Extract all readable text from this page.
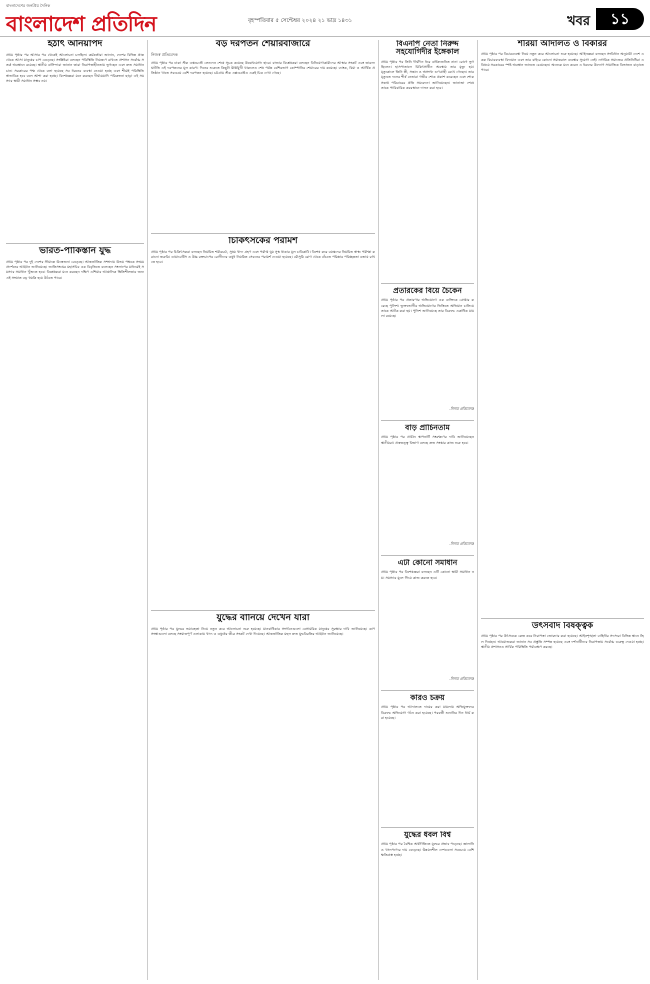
বাংলাদেশের জনপ্রিয় দৈনিক
বাংলাদেশ প্রতিদিন	বৃহস্পতিবার ৫ সেপ্টেম্বর ২০২৪ ২১ ভাদ্র ১৪৩১	খবর	১১
হঠাৎ অনিয়াপদ
প্রথম পৃষ্ঠার পর আসার পর থেকেই আলোচনা চলছিল। কর্মকর্তারা জানান, দেশের বিভিন্ন প্রান্ত থেকে আসা মানুষের চাপ বেড়েছে। সংশ্লিষ্টরা বলছেন পরিস্থিতি নিয়ন্ত্রণে রাখতে প্রশাসন সর্বোচ্চ সতর্ক অবস্থানে রয়েছে। স্থানীয় বাসিন্দারা জানান তারা নিরাপত্তাহীনতায় ভুগছেন এবং দ্রুত সমাধান চান। সরকারের পক্ষ থেকে বলা হয়েছে সব ধরনের ব্যবস্থা নেওয়া হচ্ছে এবং শীঘ্রই পরিস্থিতি স্বাভাবিক হবে বলে আশা করা হচ্ছে। বিশেষজ্ঞরা মনে করছেন দীর্ঘমেয়াদি পরিকল্পনা ছাড়া এই সমস্যার স্থায়ী সমাধান সম্ভব নয়।
ভারত-পাকিস্তান যুদ্ধ
প্রথম পৃষ্ঠার পর দুই দেশের সীমান্তে উত্তেজনা বেড়েছে। আন্তর্জাতিক সম্প্রদায় উভয় পক্ষকে সংযম প্রদর্শনের আহ্বান জানিয়েছে। জাতিসংঘের মহাসচিব এক বিবৃতিতে বলেছেন সংলাপের মাধ্যমেই সমস্যার সমাধান খুঁজতে হবে। বিশ্লেষকরা মনে করছেন দক্ষিণ এশিয়ার আঞ্চলিক স্থিতিশীলতার জন্য এই সংঘাত বড় হুমকি হয়ে উঠতে পারে।
বড় দরপতন শেয়ারবাজারে
নিজস্ব প্রতিবেদক
প্রথম পৃষ্ঠার পর ঢাকা স্টক এক্সচেঞ্জে লেনদেন শেষে সূচক কমেছে উল্লেখযোগ্য হারে। বাজার বিশ্লেষকরা বলছেন বিনিয়োগকারীদের আস্থার সংকট এবং তারল্য ঘাটতি এই দরপতনের মূল কারণ। দিনের শুরুতে কিছুটা ঊর্ধ্বমুখী থাকলেও শেষ পর্যন্ত বেশিরভাগ কোম্পানির শেয়ারের দাম কমেছে। ব্যাংক, বিমা ও আর্থিক প্রতিষ্ঠান খাতে সবচেয়ে বেশি দরপতন হয়েছে। চট্টগ্রাম স্টক এক্সচেঞ্জেও একই চিত্র দেখা গেছে।
চিকিৎসকের পরামর্শ
প্রথম পৃষ্ঠার পর চিকিৎসকরা বলছেন নিয়মিত শরীরচর্চা, সুষম খাদ্য গ্রহণ এবং পর্যাপ্ত ঘুম সুস্থ থাকার মূল চাবিকাঠি। বিশেষ করে বয়স্কদের নিয়মিত স্বাস্থ্য পরীক্ষা করানো জরুরি। ডায়াবেটিস ও উচ্চ রক্তচাপের রোগীদের ওষুধ নিয়মিত সেবনের পরামর্শ দেওয়া হয়েছে। মৌসুমি রোগ থেকে বাঁচতে পরিষ্কার পরিচ্ছন্নতা বজায় রাখতে হবে।
যুদ্ধের বানিয়ে দেখেন যারা
প্রথম পৃষ্ঠার পর যুদ্ধের ভয়াবহতা নিয়ে নতুন করে আলোচনা শুরু হয়েছে। মানবাধিকার সংগঠনগুলো বেসামরিক মানুষের সুরক্ষার দাবি জানিয়েছে। ত্রাণ সংস্থাগুলো বলছে সংঘাতপূর্ণ এলাকায় খাদ্য ও ওষুধের তীব্র সংকট দেখা দিয়েছে। আন্তর্জাতিক মহল দ্রুত যুদ্ধবিরতির আহ্বান জানিয়েছে।
বিএনপি নেতা নিরুদ্দ সহযোগিদীর ইঙ্গেকাল
প্রথম পৃষ্ঠার পর তিনি দীর্ঘদিন ধরে বার্ধক্যজনিত নানা রোগে ভুগছিলেন। হাসপাতালে চিকিৎসাধীন অবস্থায় তার মৃত্যু হয়। মৃত্যুকালে তিনি স্ত্রী, সন্তান ও অসংখ্য গুণগ্রাহী রেখে গেছেন। তার মৃত্যুতে দলের শীর্ষ নেতারা গভীর শোক প্রকাশ করেছেন এবং শোকসন্তপ্ত পরিবারের প্রতি সমবেদনা জানিয়েছেন। জানাজা শেষে তাকে পারিবারিক কবরস্থানে দাফন করা হবে।
প্রতারকের বিয়ে চৈকেন
প্রথম পৃষ্ঠার পর প্রতারণার অভিযোগে এক ব্যক্তিকে গ্রেপ্তার করেছে পুলিশ। ভুক্তভোগীর অভিযোগের ভিত্তিতে অভিযান চালিয়ে তাকে আটক করা হয়। পুলিশ জানিয়েছে তার বিরুদ্ধে একাধিক মামলা রয়েছে।
-দিনার প্রতিবেদক
বাড় প্রাচিনতাম
প্রথম পৃষ্ঠার পর প্রাচীন স্থাপনাটি সংরক্ষণের দাবি জানিয়েছেন স্থানীয়রা। প্রত্নতত্ত্ব বিভাগ বলছে দ্রুত সংস্কার কাজ শুরু হবে।
-দিনার প্রতিবেদক
এটা কোনো সমাধান
প্রথম পৃষ্ঠার পর বিশেষজ্ঞরা বলছেন এটি কোনো স্থায়ী সমাধান নয়। সমস্যার মূলে গিয়ে কাজ করতে হবে।
-দিনার প্রতিবেদক
কারও চক্রয়
প্রথম পৃষ্ঠার পর আদালতে দায়ের করা মামলায় অভিযুক্তদের বিরুদ্ধে অভিযোগ গঠন করা হয়েছে। পরবর্তী শুনানির দিন ধার্য করা হয়েছে।
যুদ্ধের ধবল বিশ্ব
প্রথম পৃষ্ঠার পর বৈশ্বিক অর্থনীতিতে যুদ্ধের প্রভাব পড়েছে। জ্বালানি ও খাদ্যপণ্যের দাম বেড়েছে। উন্নয়নশীল দেশগুলো সবচেয়ে বেশি ক্ষতিগ্রস্ত হচ্ছে।
শরিয়া আদালত ও বিকারর
প্রথম পৃষ্ঠার পর বিচারব্যবস্থা নিয়ে নতুন করে আলোচনা শুরু হয়েছে। আইনজ্ঞরা বলছেন সংবিধান অনুযায়ী দেশে একক বিচারব্যবস্থা বিদ্যমান এবং তার বাইরে কোনো সমান্তরাল ব্যবস্থার সুযোগ নেই। নাগরিক সমাজের প্রতিনিধিরা এ বিষয়ে সরকারের স্পষ্ট অবস্থান জানতে চেয়েছেন। অনেকে মনে করেন এ ধরনের উদ্যোগ সামাজিক বিভাজন বাড়াতে পারে।
উৎসবাদ বিষক্ত্বক
প্রথম পৃষ্ঠার পর উৎসবকে কেন্দ্র করে নিরাপত্তা জোরদার করা হয়েছে। আইনশৃঙ্খলা বাহিনীর সদস্যরা বিভিন্ন স্থানে টহল দিচ্ছেন। আয়োজকরা জানান সব প্রস্তুতি সম্পন্ন হয়েছে এবং দর্শনার্থীদের নিরাপত্তায় সর্বোচ্চ গুরুত্ব দেওয়া হচ্ছে। স্থানীয় প্রশাসনও সার্বিক পরিস্থিতি পর্যবেক্ষণ করছে।
